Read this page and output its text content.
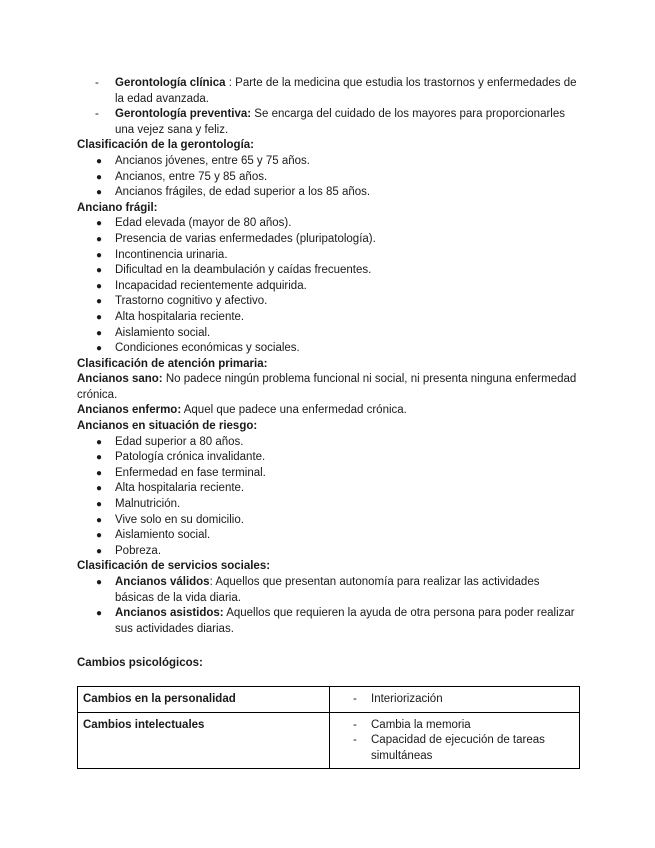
-	Gerontología clínica : Parte de la medicina que estudia los trastornos y enfermedades de la edad avanzada.
-	Gerontología preventiva: Se encarga del cuidado de los mayores para proporcionarles una vejez sana y feliz.
Clasificación de la gerontología:
●	Ancianos jóvenes, entre 65 y 75 años.
●	Ancianos, entre 75 y 85 años.
●	Ancianos frágiles, de edad superior a los 85 años.
Anciano frágil:
●	Edad elevada (mayor de 80 años).
●	Presencia de varias enfermedades (pluripatología).
●	Incontinencia urinaria.
●	Dificultad en la deambulación y caídas frecuentes.
●	Incapacidad recientemente adquirida.
●	Trastorno cognitivo y afectivo.
●	Alta hospitalaria reciente.
●	Aislamiento social.
●	Condiciones económicas y sociales.
Clasificación de atención primaria:

Ancianos sano: No padece ningún problema funcional ni social, ni presenta ninguna enfermedad crónica.

Ancianos enfermo: Aquel que padece una enfermedad crónica.

Ancianos en situación de riesgo:
●	Edad superior a 80 años.
●	Patología crónica invalidante.
●	Enfermedad en fase terminal.
●	Alta hospitalaria reciente.
●	Malnutrición.
●	Vive solo en su domicilio.
●	Aislamiento social.
●	Pobreza.
Clasificación de servicios sociales:
●	Ancianos válidos: Aquellos que presentan autonomía para realizar las actividades básicas de la vida diaria.
●	Ancianos asistidos: Aquellos que requieren la ayuda de otra persona para poder realizar sus actividades diarias.
Cambios psicológicos:
Cambios en la personalidad	- Interiorización

Cambios intelectuales	- Cambia la memoria
- Capacidad de ejecución de tareas simultáneas
